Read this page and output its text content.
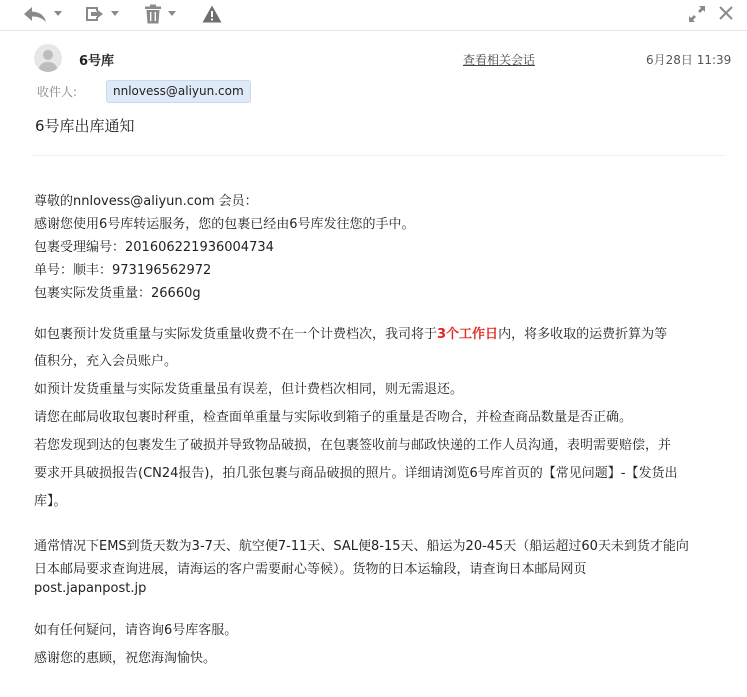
6号库	查看相关会话	6月28日 11:39
收件人:	nnlovess@aliyun.com
6号库出库通知
尊敬的nnlovess@aliyun.com 会员：
感谢您使用6号库转运服务，您的包裹已经由6号库发往您的手中。
包裹受理编号：201606221936004734
单号：顺丰：973196562972
包裹实际发货重量：26660g
如包裹预计发货重量与实际发货重量收费不在一个计费档次，我司将于3个工作日内，将多收取的运费折算为等
值积分，充入会员账户。
如预计发货重量与实际发货重量虽有误差，但计费档次相同，则无需退还。
请您在邮局收取包裹时秤重，检查面单重量与实际收到箱子的重量是否吻合，并检查商品数量是否正确。
若您发现到达的包裹发生了破损并导致物品破损，在包裹签收前与邮政快递的工作人员沟通，表明需要赔偿，并
要求开具破损报告(CN24报告)，拍几张包裹与商品破损的照片。详细请浏览6号库首页的【常见问题】-【发货出
库】。
通常情况下EMS到货天数为3-7天、航空便7-11天、SAL便8-15天、船运为20-45天（船运超过60天未到货才能向
日本邮局要求查询进展，请海运的客户需要耐心等候）。货物的日本运输段，请查询日本邮局网页
post.japanpost.jp
如有任何疑问，请咨询6号库客服。
感谢您的惠顾，祝您海淘愉快。
